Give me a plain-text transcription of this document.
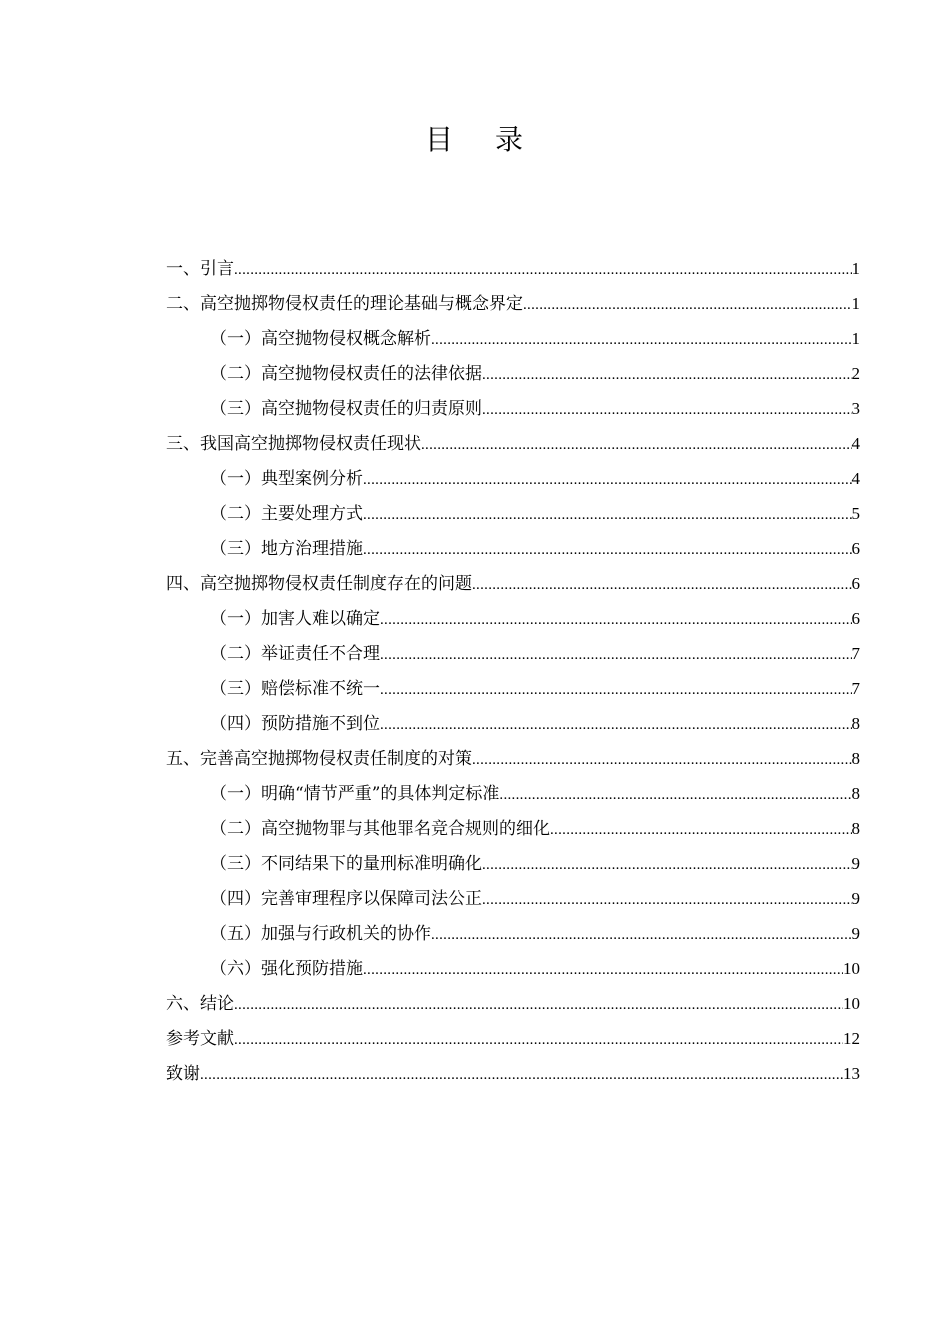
目录
一、引言 .....	1
二、高空抛掷物侵权责任的理论基础与概念界定 .....	1
（一）高空抛物侵权概念解析 .....	1
（二）高空抛物侵权责任的法律依据 .....	2
（三）高空抛物侵权责任的归责原则 .....	3
三、我国高空抛掷物侵权责任现状 .....	4
（一）典型案例分析 .....	4
（二）主要处理方式 .....	5
（三）地方治理措施 .....	6
四、高空抛掷物侵权责任制度存在的问题 .....	6
（一）加害人难以确定 .....	6
（二）举证责任不合理 .....	7
（三）赔偿标准不统一 .....	7
（四）预防措施不到位 .....	8
五、完善高空抛掷物侵权责任制度的对策 .....	8
（一）明确“情节严重”的具体判定标准 .....	8
（二）高空抛物罪与其他罪名竞合规则的细化 .....	8
（三）不同结果下的量刑标准明确化 .....	9
（四）完善审理程序以保障司法公正 .....	9
（五）加强与行政机关的协作 .....	9
（六）强化预防措施 .....	10
六、结论 .....	10
参考文献 .....	12
致谢 .....	13
